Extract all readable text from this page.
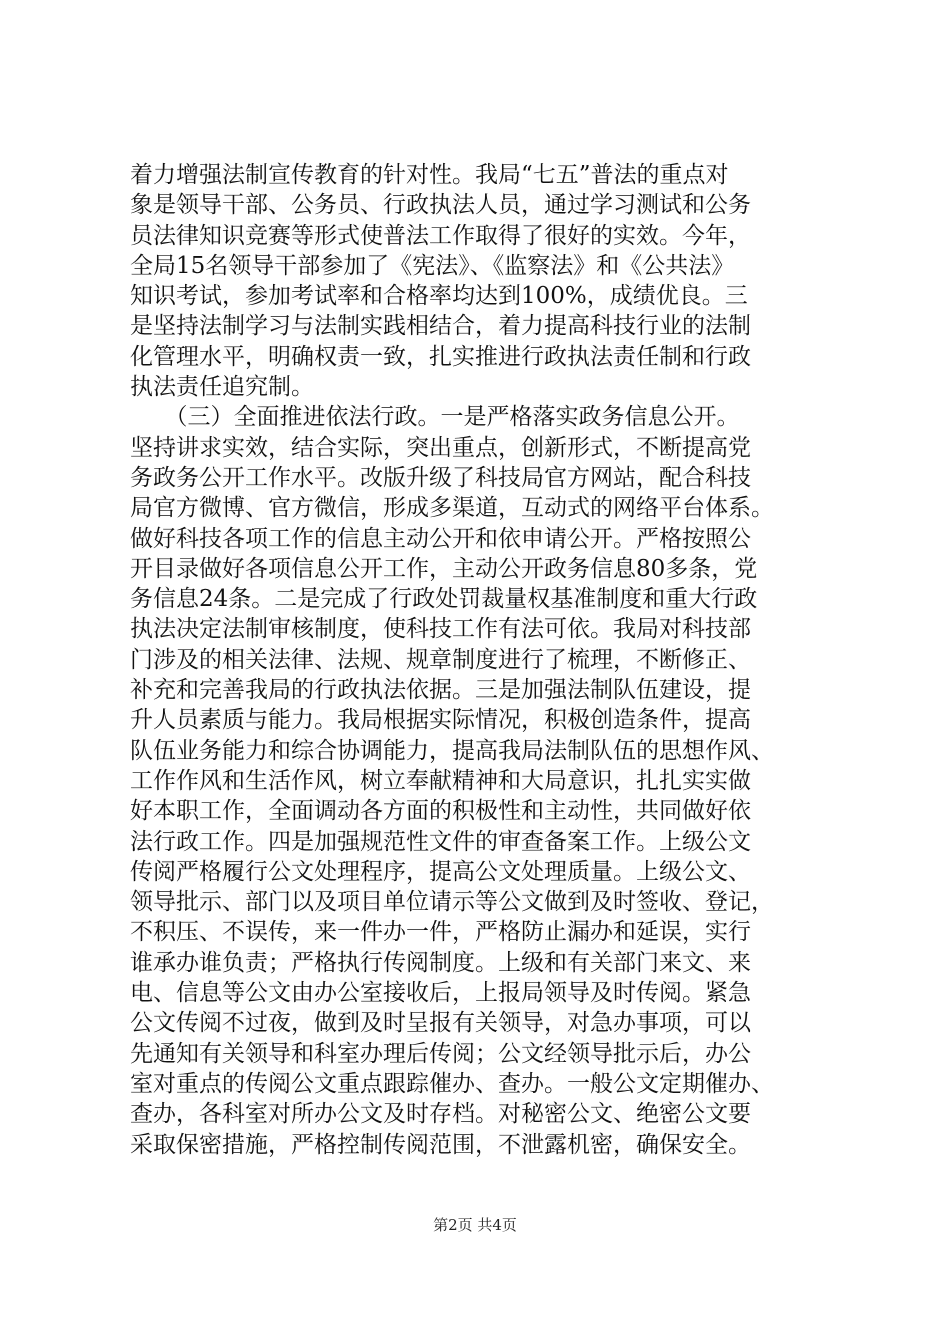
着力增强法制宣传教育的针对性。我局“七五”普法的重点对
象是领导干部、公务员、行政执法人员，通过学习测试和公务
员法律知识竞赛等形式使普法工作取得了很好的实效。今年，
全局15名领导干部参加了《宪法》、《监察法》和《公共法》
知识考试，参加考试率和合格率均达到100%，成绩优良。三
是坚持法制学习与法制实践相结合，着力提高科技行业的法制
化管理水平，明确权责一致，扎实推进行政执法责任制和行政
执法责任追究制。
　　（三）全面推进依法行政。一是严格落实政务信息公开。
坚持讲求实效，结合实际，突出重点，创新形式，不断提高党
务政务公开工作水平。改版升级了科技局官方网站，配合科技
局官方微博、官方微信，形成多渠道，互动式的网络平台体系。
做好科技各项工作的信息主动公开和依申请公开。严格按照公
开目录做好各项信息公开工作，主动公开政务信息80多条，党
务信息24条。二是完成了行政处罚裁量权基准制度和重大行政
执法决定法制审核制度，使科技工作有法可依。我局对科技部
门涉及的相关法律、法规、规章制度进行了梳理，不断修正、
补充和完善我局的行政执法依据。三是加强法制队伍建设，提
升人员素质与能力。我局根据实际情况，积极创造条件，提高
队伍业务能力和综合协调能力，提高我局法制队伍的思想作风、
工作作风和生活作风，树立奉献精神和大局意识，扎扎实实做
好本职工作，全面调动各方面的积极性和主动性，共同做好依
法行政工作。四是加强规范性文件的审查备案工作。上级公文
传阅严格履行公文处理程序，提高公文处理质量。上级公文、
领导批示、部门以及项目单位请示等公文做到及时签收、登记，
不积压、不误传，来一件办一件，严格防止漏办和延误，实行
谁承办谁负责；严格执行传阅制度。上级和有关部门来文、来
电、信息等公文由办公室接收后，上报局领导及时传阅。紧急
公文传阅不过夜，做到及时呈报有关领导，对急办事项，可以
先通知有关领导和科室办理后传阅；公文经领导批示后，办公
室对重点的传阅公文重点跟踪催办、查办。一般公文定期催办、
查办，各科室对所办公文及时存档。对秘密公文、绝密公文要
采取保密措施，严格控制传阅范围，不泄露机密，确保安全。
第2页 共4页
